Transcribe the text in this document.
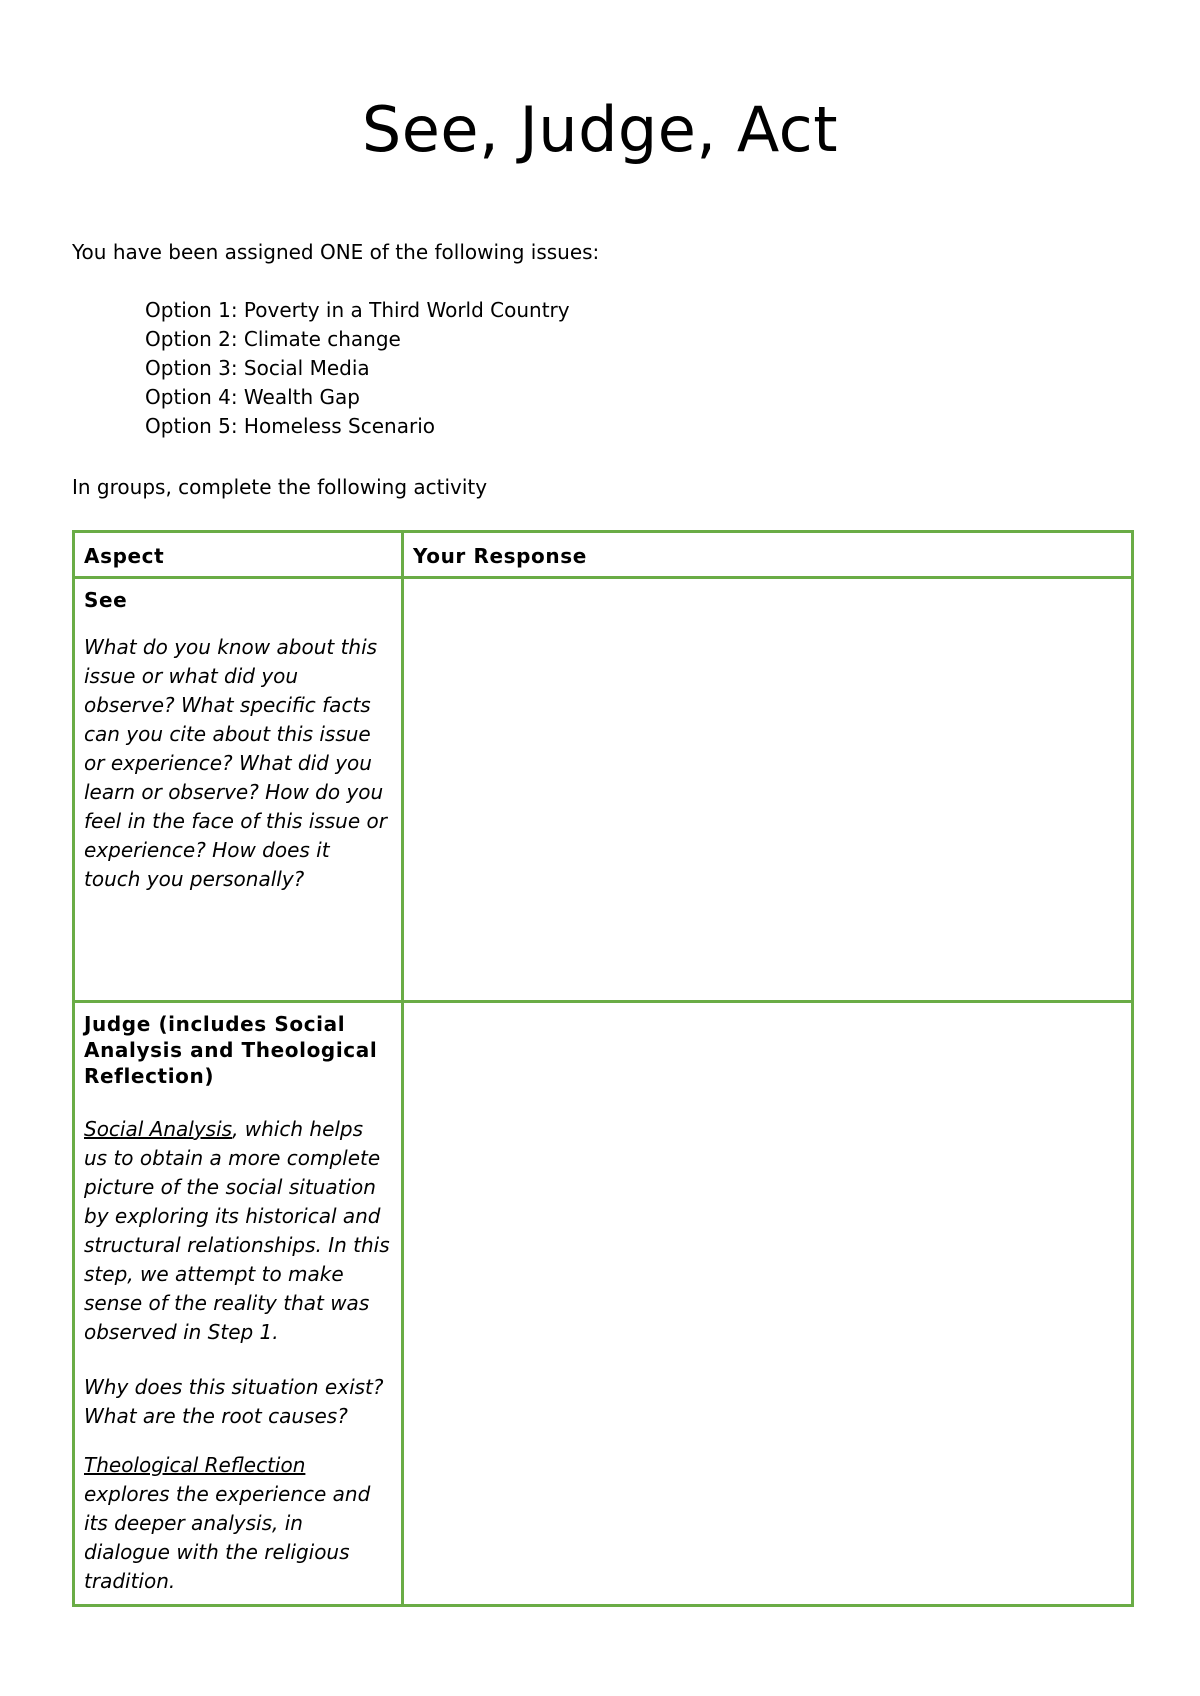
See, Judge, Act
You have been assigned ONE of the following issues:
Option 1: Poverty in a Third World Country
Option 2: Climate change
Option 3: Social Media
Option 4: Wealth Gap
Option 5: Homeless Scenario
In groups, complete the following activity
Aspect	Your Response

See

What do you know about this issue or what did you observe? What specific facts can you cite about this issue or experience? What did you learn or observe? How do you feel in the face of this issue or experience? How does it touch you personally?	

Judge (includes Social Analysis and Theological Reflection)

Social Analysis, which helps us to obtain a more complete picture of the social situation by exploring its historical and structural relationships. In this step, we attempt to make sense of the reality that was observed in Step 1.

Why does this situation exist? What are the root causes?

Theological Reflection
explores the experience and its deeper analysis, in dialogue with the religious tradition.	
